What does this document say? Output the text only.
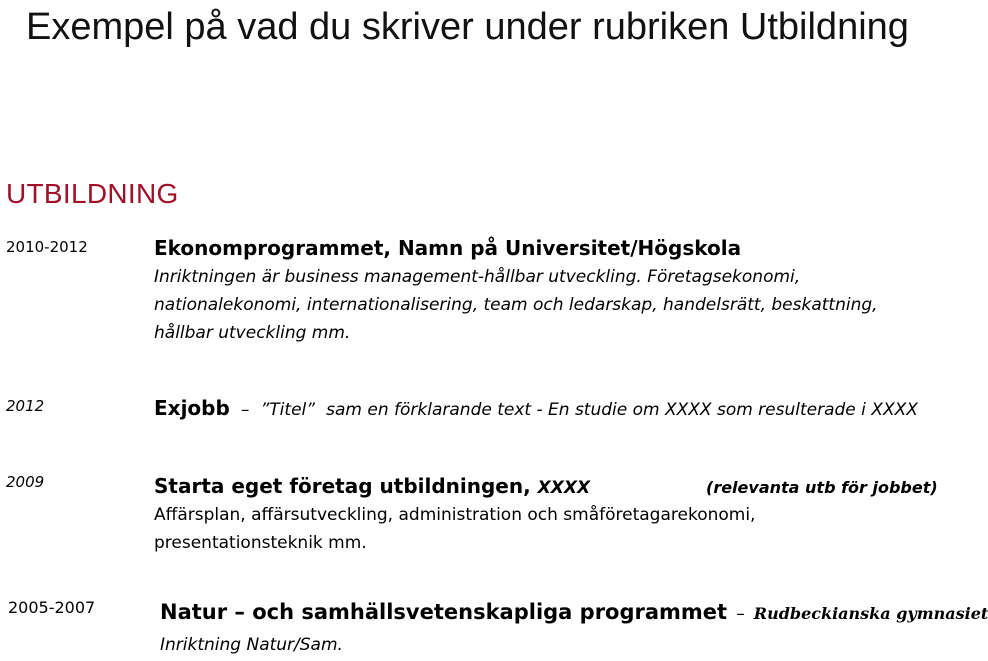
Exempel på vad du skriver under rubriken Utbildning
UTBILDNING
2010-2012	Ekonomprogrammet, Namn på Universitet/Högskola
Inriktningen är business management-hållbar utveckling. Företagsekonomi,
nationalekonomi, internationalisering, team och ledarskap, handelsrätt, beskattning,
hållbar utveckling mm.
2012	Exjobb – ”Titel” sam en förklarande text - En studie om XXXX som resulterade i XXXX
2009	Starta eget företag utbildningen, XXXX	(relevanta utb för jobbet)
Affärsplan, affärsutveckling, administration och småföretagarekonomi,
presentationsteknik mm.
2005-2007	Natur – och samhällsvetenskapliga programmet – Rudbeckianska gymnasiet
Inriktning Natur/Sam.
